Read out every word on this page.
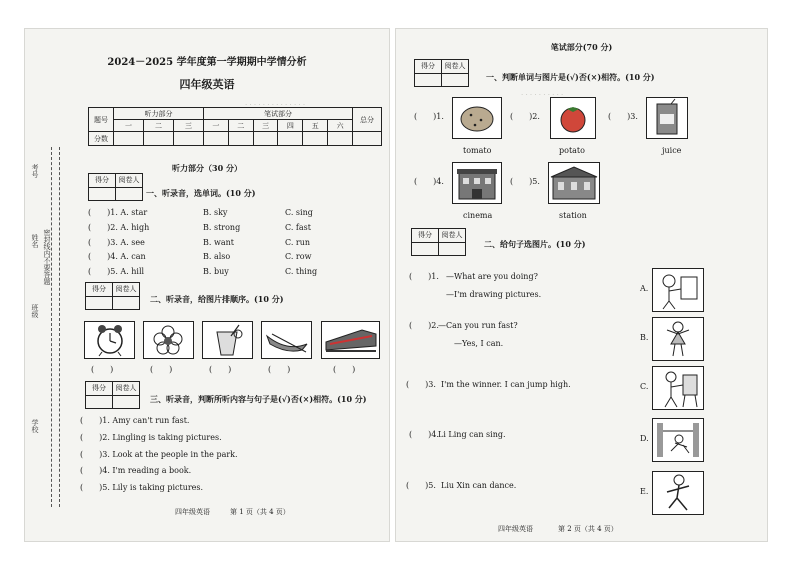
. . . . . . . . . . . . . .
2024－2025 学年度第一学期期中学情分析
四年级英语
题号	听力部分			笔试部分						总分
	一	二	三	一	二	三	四	五	六	
分数										
听力部分（30 分）
得分	阅卷人
一、听录音，选单词。(10 分)
(　　)1. A. star	B. sky	C. sing
(　　)2. A. high	B. strong	C. fast
(　　)3. A. see	B. want	C. run
(　　)4. A. can	B. also	C. row
(　　)5. A. hill	B. buy	C. thing
得分	阅卷人
二、听录音，给图片排顺序。(10 分)
(　　)	(　　)	(　　)	(　　)	(　　)
得分	阅卷人
三、听录音，判断所听内容与句子是(√)否(×)相符。(10 分)
(　　)1. Amy can't run fast.
(　　)2. Lingling is taking pictures.
(　　)3. Look at the people in the park.
(　　)4. I'm reading a book.
(　　)5. Lily is taking pictures.
四年级英语	第 1 页（共 4 页）
考号
姓名
班级
学校
密封线内不要答题
. . . . . . . . . .
笔试部分(70 分)
得分	阅卷人
一、判断单词与图片是(√)否(×)相符。(10 分)
(　　)1.
tomato
(　　)2.
potato
(　　)3.
juice
(　　)4.
cinema
(　　)5.
station
得分	阅卷人
二、给句子选图片。(10 分)
(　　)1. —What are you doing?
—I'm drawing pictures.
A.
(　　)2. —Can you run fast?
—Yes, I can.
B.
(　　)3. I'm the winner. I can jump high.	C.
(　　)4. Li Ling can sing.	D.
(　　)5. Liu Xin can dance.
E.
四年级英语	第 2 页（共 4 页）
